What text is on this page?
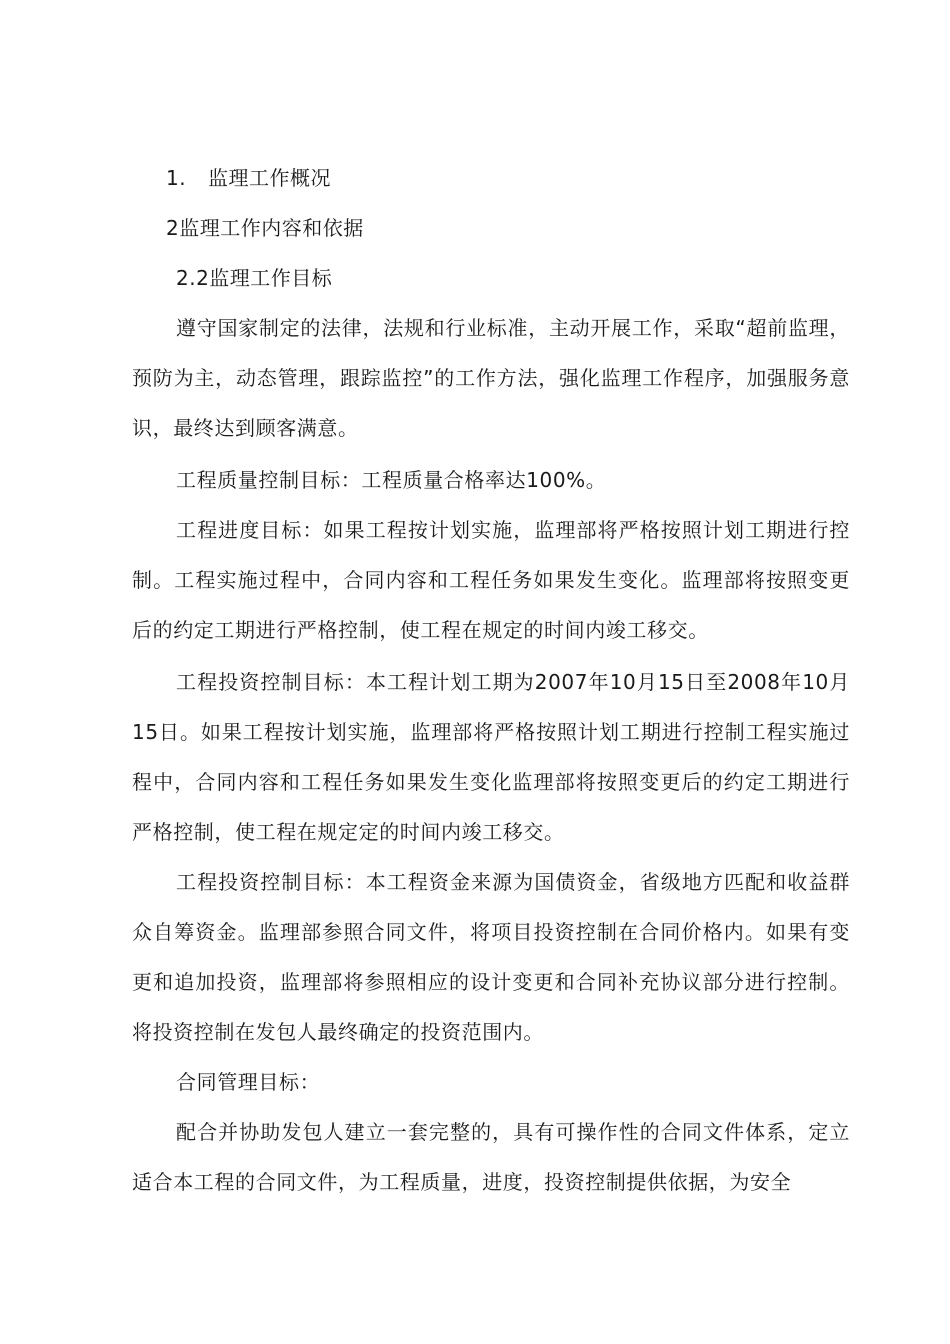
1. 监理工作概况
2监理工作内容和依据
2.2监理工作目标

遵守国家制定的法律，法规和行业标准，主动开展工作，采取“超前监理，预防为主，动态管理，跟踪监控”的工作方法，强化监理工作程序，加强服务意识，最终达到顾客满意。

工程质量控制目标：工程质量合格率达100%。

工程进度目标：如果工程按计划实施，监理部将严格按照计划工期进行控制。工程实施过程中，合同内容和工程任务如果发生变化。监理部将按照变更后的约定工期进行严格控制，使工程在规定的时间内竣工移交。

工程投资控制目标：本工程计划工期为2007年10月15日至2008年10月15日。如果工程按计划实施，监理部将严格按照计划工期进行控制工程实施过程中，合同内容和工程任务如果发生变化监理部将按照变更后的约定工期进行严格控制，使工程在规定定的时间内竣工移交。

工程投资控制目标：本工程资金来源为国债资金，省级地方匹配和收益群众自筹资金。监理部参照合同文件，将项目投资控制在合同价格内。如果有变更和追加投资，监理部将参照相应的设计变更和合同补充协议部分进行控制。将投资控制在发包人最终确定的投资范围内。

合同管理目标：

配合并协助发包人建立一套完整的，具有可操作性的合同文件体系，定立适合本工程的合同文件，为工程质量，进度，投资控制提供依据，为安全
